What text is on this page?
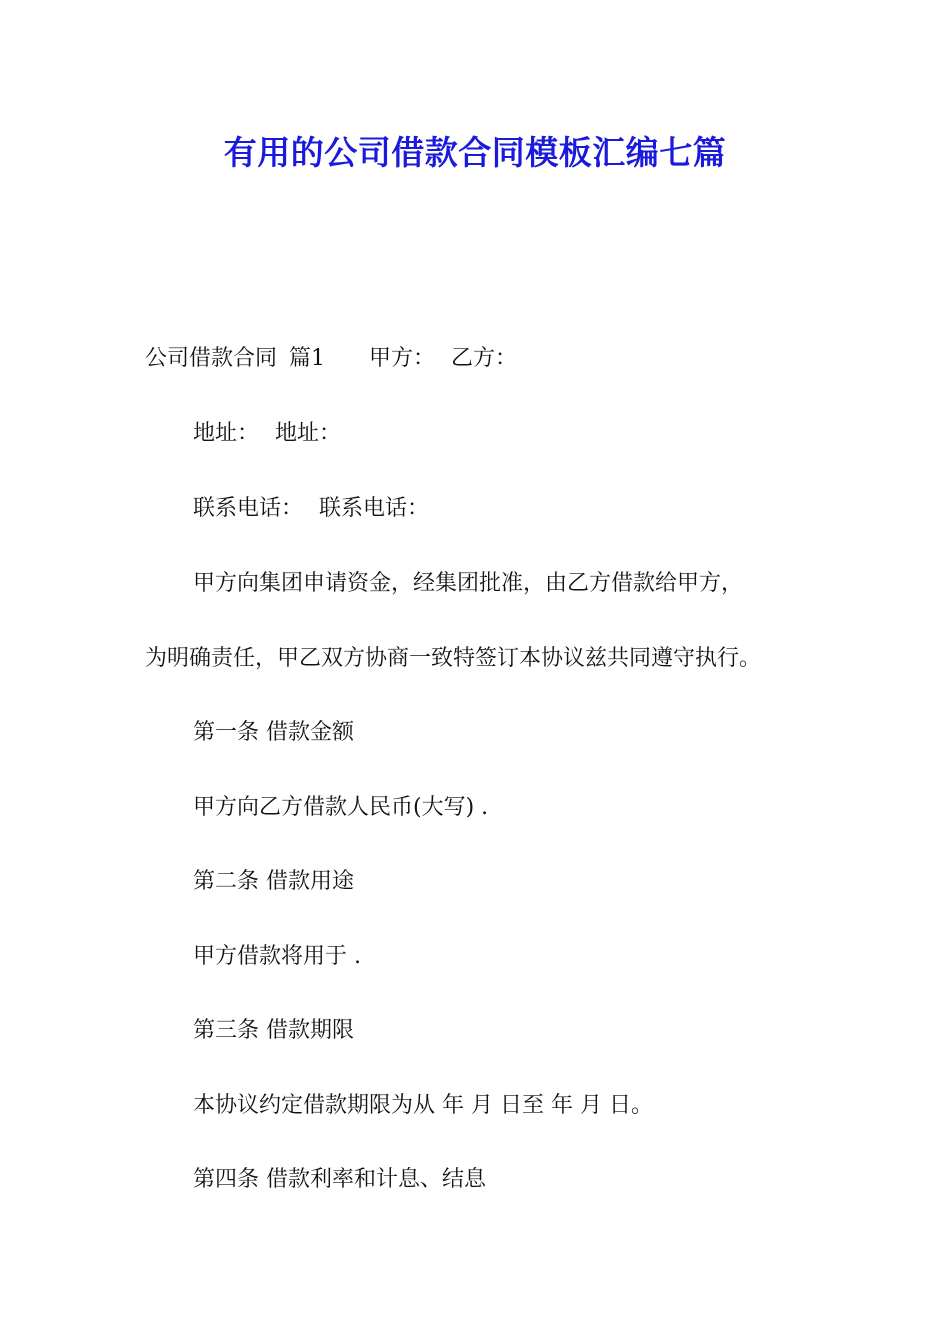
有用的公司借款合同模板汇编七篇
公司借款合同 篇1 甲方： 乙方：
地址： 地址：
联系电话： 联系电话：
甲方向集团申请资金，经集团批准，由乙方借款给甲方，
为明确责任，甲乙双方协商一致特签订本协议兹共同遵守执行。
第一条 借款金额
甲方向乙方借款人民币(大写) .
第二条 借款用途
甲方借款将用于 .
第三条 借款期限
本协议约定借款期限为从 年 月 日至 年 月 日。
第四条 借款利率和计息、结息
